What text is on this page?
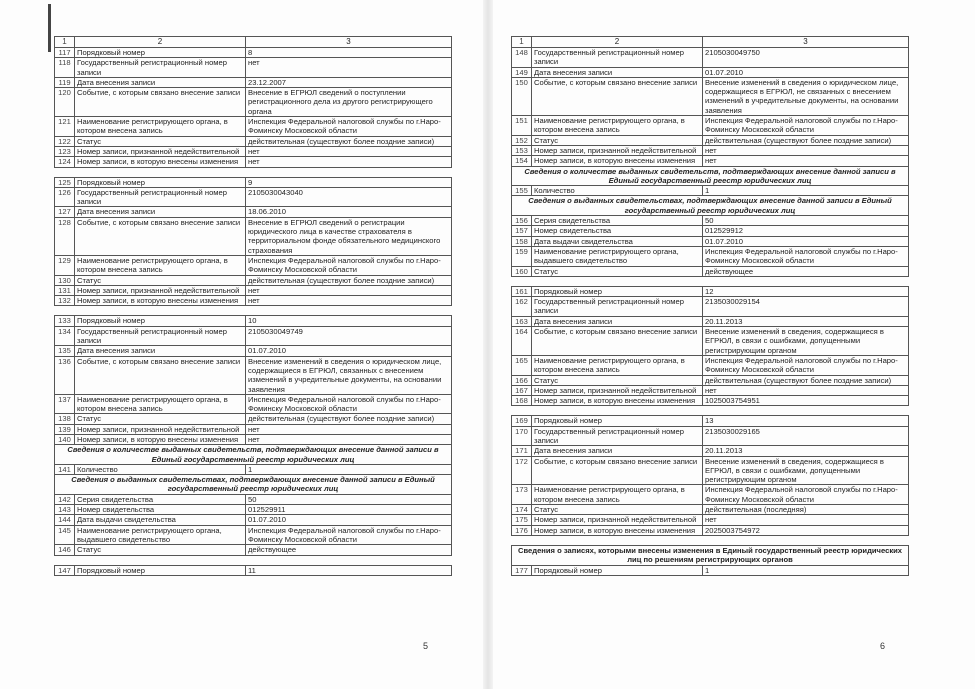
1	2	3
117	Порядковый номер	8
118	Государственный регистрационный номер записи	нет
119	Дата внесения записи	23.12.2007
120	Событие, с которым связано внесение записи	Внесение в ЕГРЮЛ сведений о поступлении регистрационного дела из другого регистрирующего органа
121	Наименование регистрирующего органа, в котором внесена запись	Инспекция Федеральной налоговой службы по г.Наро-Фоминску Московской области
122	Статус	действительная (существуют более поздние записи)
123	Номер записи, признанной недействительной	нет
124	Номер записи, в которую внесены изменения	нет

125	Порядковый номер	9
126	Государственный регистрационный номер записи	2105030043040
127	Дата внесения записи	18.06.2010
128	Событие, с которым связано внесение записи	Внесение в ЕГРЮЛ сведений о регистрации юридического лица в качестве страхователя в территориальном фонде обязательного медицинского страхования
129	Наименование регистрирующего органа, в котором внесена запись	Инспекция Федеральной налоговой службы по г.Наро-Фоминску Московской области
130	Статус	действительная (существуют более поздние записи)
131	Номер записи, признанной недействительной	нет
132	Номер записи, в которую внесены изменения	нет

133	Порядковый номер	10
134	Государственный регистрационный номер записи	2105030049749
135	Дата внесения записи	01.07.2010
136	Событие, с которым связано внесение записи	Внесение изменений в сведения о юридическом лице, содержащиеся в ЕГРЮЛ, связанных с внесением изменений в учредительные документы, на основании заявления
137	Наименование регистрирующего органа, в котором внесена запись	Инспекция Федеральной налоговой службы по г.Наро-Фоминску Московской области
138	Статус	действительная (существуют более поздние записи)
139	Номер записи, признанной недействительной	нет
140	Номер записи, в которую внесены изменения	нет
Сведения о количестве выданных свидетельств, подтверждающих внесение данной записи в Единый государственный реестр юридических лиц		
141	Количество	1
Сведения о выданных свидетельствах, подтверждающих внесение данной записи в Единый государственный реестр юридических лиц		
142	Серия свидетельства	50
143	Номер свидетельства	012529911
144	Дата выдачи свидетельства	01.07.2010
145	Наименование регистрирующего органа, выдавшего свидетельство	Инспекция Федеральной налоговой службы по г.Наро-Фоминску Московской области
146	Статус	действующее

147	Порядковый номер	11
5
1	2	3
148	Государственный регистрационный номер записи	2105030049750
149	Дата внесения записи	01.07.2010
150	Событие, с которым связано внесение записи	Внесение изменений в сведения о юридическом лице, содержащиеся в ЕГРЮЛ, не связанных с внесением изменений в учредительные документы, на основании заявления
151	Наименование регистрирующего органа, в котором внесена запись	Инспекция Федеральной налоговой службы по г.Наро-Фоминску Московской области
152	Статус	действительная (существуют более поздние записи)
153	Номер записи, признанной недействительной	нет
154	Номер записи, в которую внесены изменения	нет
Сведения о количестве выданных свидетельств, подтверждающих внесение данной записи в Единый государственный реестр юридических лиц		
155	Количество	1
Сведения о выданных свидетельствах, подтверждающих внесение данной записи в Единый государственный реестр юридических лиц		
156	Серия свидетельства	50
157	Номер свидетельства	012529912
158	Дата выдачи свидетельства	01.07.2010
159	Наименование регистрирующего органа, выдавшего свидетельство	Инспекция Федеральной налоговой службы по г.Наро-Фоминску Московской области
160	Статус	действующее

161	Порядковый номер	12
162	Государственный регистрационный номер записи	2135030029154
163	Дата внесения записи	20.11.2013
164	Событие, с которым связано внесение записи	Внесение изменений в сведения, содержащиеся в ЕГРЮЛ, в связи с ошибками, допущенными регистрирующим органом
165	Наименование регистрирующего органа, в котором внесена запись	Инспекция Федеральной налоговой службы по г.Наро-Фоминску Московской области
166	Статус	действительная (существуют более поздние записи)
167	Номер записи, признанной недействительной	нет
168	Номер записи, в которую внесены изменения	1025003754951

169	Порядковый номер	13
170	Государственный регистрационный номер записи	2135030029165
171	Дата внесения записи	20.11.2013
172	Событие, с которым связано внесение записи	Внесение изменений в сведения, содержащиеся в ЕГРЮЛ, в связи с ошибками, допущенными регистрирующим органом
173	Наименование регистрирующего органа, в котором внесена запись	Инспекция Федеральной налоговой службы по г.Наро-Фоминску Московской области
174	Статус	действительная (последняя)
175	Номер записи, признанной недействительной	нет
176	Номер записи, в которую внесены изменения	2025003754972

Сведения о записях, которыми внесены изменения в Единый государственный реестр юридических лиц по решениям регистрирующих органов		
177	Порядковый номер	1
6
